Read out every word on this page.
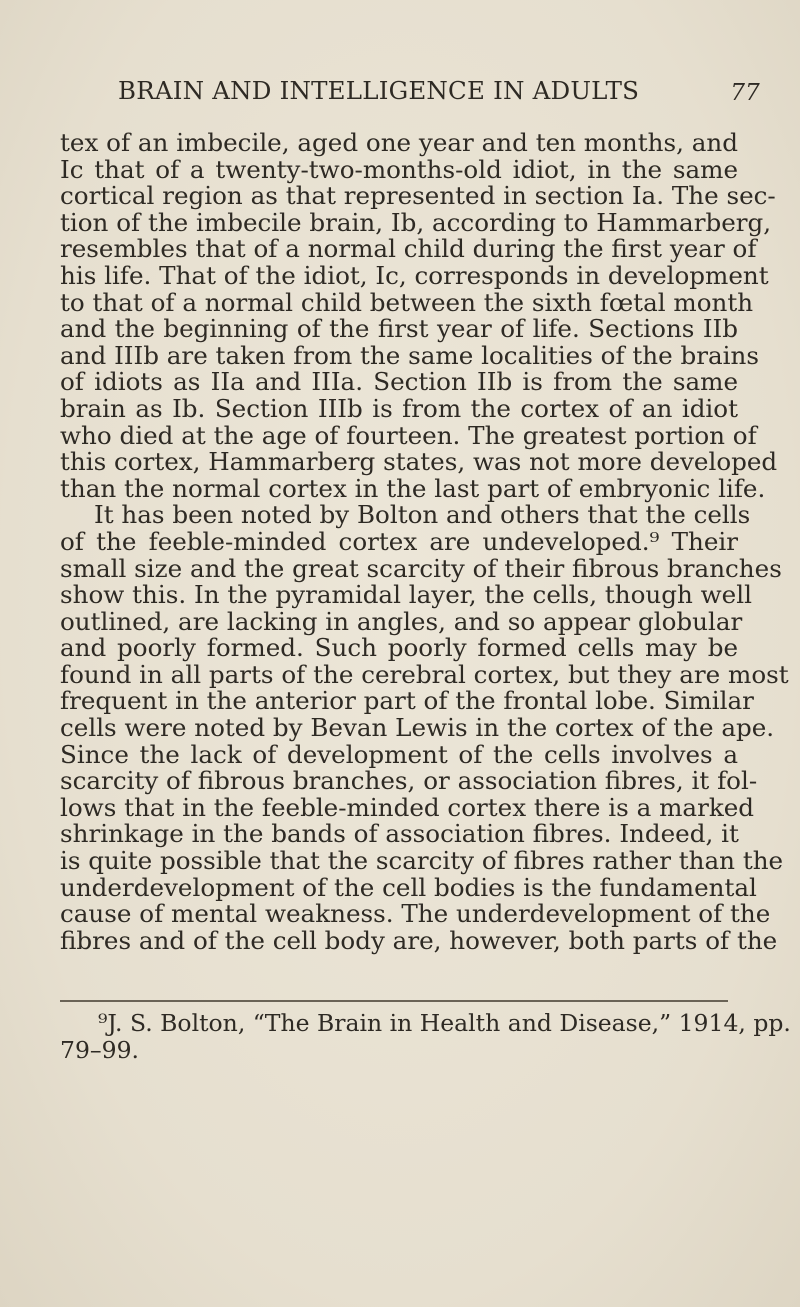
BRAIN AND INTELLIGENCE IN ADULTS	77
tex of an imbecile, aged one year and ten months, and
Ic that of a twenty-two-months-old idiot, in the same
cortical region as that represented in section Ia. The sec-
tion of the imbecile brain, Ib, according to Hammarberg,
resembles that of a normal child during the first year of
his life. That of the idiot, Ic, corresponds in development
to that of a normal child between the sixth fœtal month
and the beginning of the first year of life. Sections IIb
and IIIb are taken from the same localities of the brains
of idiots as IIa and IIIa. Section IIb is from the same
brain as Ib. Section IIIb is from the cortex of an idiot
who died at the age of fourteen. The greatest portion of
this cortex, Hammarberg states, was not more developed
than the normal cortex in the last part of embryonic life.
It has been noted by Bolton and others that the cells
of the feeble-minded cortex are undeveloped.⁹ Their
small size and the great scarcity of their fibrous branches
show this. In the pyramidal layer, the cells, though well
outlined, are lacking in angles, and so appear globular
and poorly formed. Such poorly formed cells may be
found in all parts of the cerebral cortex, but they are most
frequent in the anterior part of the frontal lobe. Similar
cells were noted by Bevan Lewis in the cortex of the ape.
Since the lack of development of the cells involves a
scarcity of fibrous branches, or association fibres, it fol-
lows that in the feeble-minded cortex there is a marked
shrinkage in the bands of association fibres. Indeed, it
is quite possible that the scarcity of fibres rather than the
underdevelopment of the cell bodies is the fundamental
cause of mental weakness. The underdevelopment of the
fibres and of the cell body are, however, both parts of the
⁹J. S. Bolton, “The Brain in Health and Disease,” 1914, pp.
79–99.
